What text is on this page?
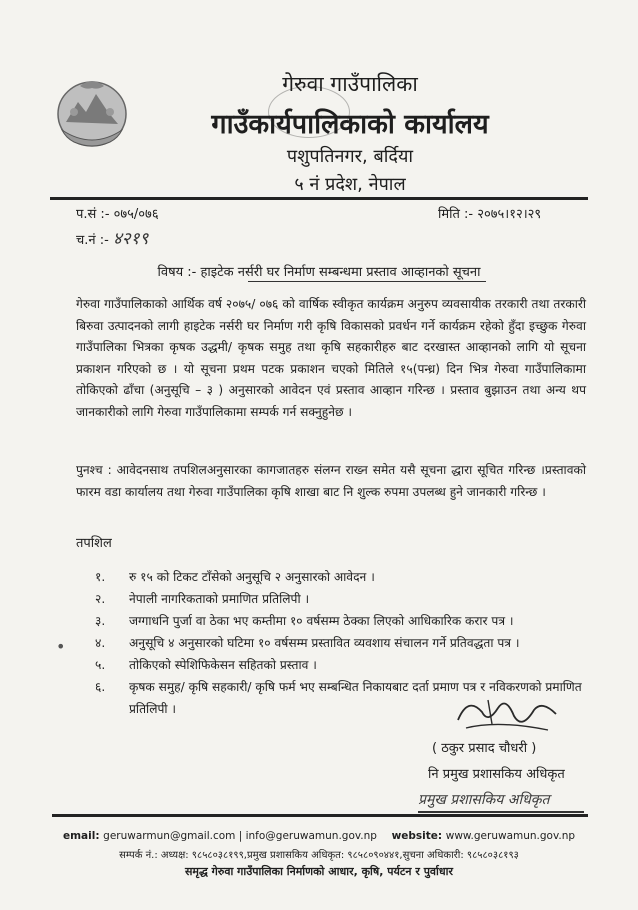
गेरुवा गाउँपालिका
गाउँकार्यपालिकाको कार्यालय
पशुपतिनगर, बर्दिया
५ नं प्रदेश, नेपाल
प.सं :- ०७५/०७६
च.नं :- ४२१९
मिति :- २०७५।१२।२९
विषय :- हाइटेक नर्सरी घर निर्माण सम्बन्धमा प्रस्ताव आव्हानको सूचना
गेरुवा गाउँपालिकाको आर्थिक वर्ष २०७५/ ०७६ को वार्षिक स्वीकृत कार्यक्रम अनुरुप व्यवसायीक तरकारी तथा तरकारी बिरुवा उत्पादनको लागी हाइटेक नर्सरी घर निर्माण गरी कृषि विकासको प्रवर्धन गर्ने कार्यक्रम रहेको हुँदा इच्छुक गेरुवा गाउँपालिका भित्रका कृषक उद्धमी/ कृषक समुह तथा कृषि सहकारीहरु बाट दरखास्त आव्हानको लागि यो सूचना प्रकाशन गरिएको छ । यो सूचना प्रथम पटक प्रकाशन चएको मितिले १५(पन्ध्र) दिन भित्र गेरुवा गाउँपालिकामा तोकिएको ढाँचा (अनुसूचि – ३ ) अनुसारको आवेदन एवं प्रस्ताव आव्हान गरिन्छ । प्रस्ताव बुझाउन तथा अन्य थप जानकारीको लागि गेरुवा गाउँपालिकामा सम्पर्क गर्न सक्नुहुनेछ ।
पुनश्च : आवेदनसाथ तपशिलअनुसारका कागजातहरु संलग्न राख्न समेत यसै सूचना द्धारा सूचित गरिन्छ ।प्रस्तावको फारम वडा कार्यालय तथा गेरुवा गाउँपालिका कृषि शाखा बाट नि शुल्क रुपमा उपलब्ध हुने जानकारी गरिन्छ ।
तपशिल
•
१. रु १५ को टिकट टाँसेको अनुसूचि २ अनुसारको आवेदन ।
२. नेपाली नागरिकताको प्रमाणित प्रतिलिपी ।
३. जग्गाधनि पुर्जा वा ठेका भए कम्तीमा १० वर्षसम्म ठेक्का लिएको आधिकारिक करार पत्र ।
४. अनुसूचि ४ अनुसारको घटिमा १० वर्षसम्म प्रस्तावित व्यवशाय संचालन गर्ने प्रतिवद्धता पत्र ।
५. तोकिएको स्पेशिफिकेसन सहितको प्रस्ताव ।
६. कृषक समुह/ कृषि सहकारी/ कृषि फर्म भए सम्बन्धित निकायबाट दर्ता प्रमाण पत्र र नविकरणको प्रमाणित प्रतिलिपी ।
( ठकुर प्रसाद चौधरी )
नि प्रमुख प्रशासकिय अधिकृत
प्रमुख प्रशासकिय अधिकृत
email: geruwarmun@gmail.com | info@geruwamun.gov.np website: www.geruwamun.gov.np
सम्पर्क नं.: अध्यक्ष: ९८५८०३८१९९,प्रमुख प्रशासकिय अधिकृत: ९८५८०९०४४१,सुचना अधिकारी: ९८५८०३८१९३
समृद्ध गेरुवा गाउँपालिका निर्माणको आधार, कृषि, पर्यटन र पुर्वाधार
